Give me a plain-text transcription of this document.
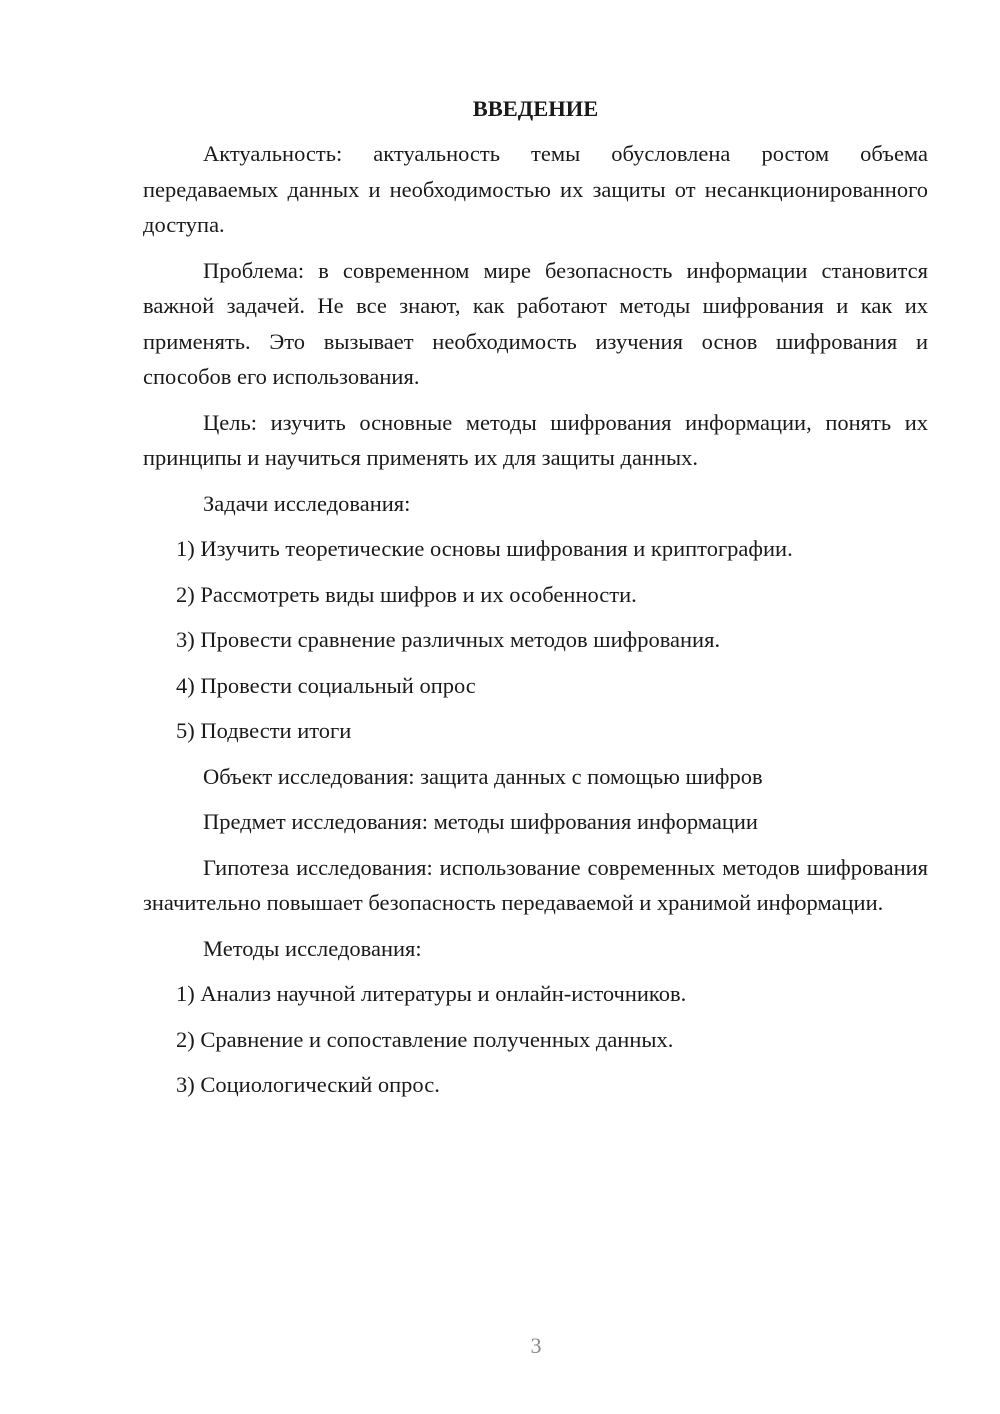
ВВЕДЕНИЕ

Актуальность: актуальность темы обусловлена ростом объема передаваемых данных и необходимостью их защиты от несанкционированного доступа.

Проблема: в современном мире безопасность информации становится важной задачей. Не все знают, как работают методы шифрования и как их применять. Это вызывает необходимость изучения основ шифрования и способов его использования.

Цель: изучить основные методы шифрования информации, понять их принципы и научиться применять их для защиты данных.

Задачи исследования:
1) Изучить теоретические основы шифрования и криптографии.
2) Рассмотреть виды шифров и их особенности.
3) Провести сравнение различных методов шифрования.
4) Провести социальный опрос
5) Подвести итоги
Объект исследования: защита данных с помощью шифров
Предмет исследования: методы шифрования информации

Гипотеза исследования: использование современных методов шифрования значительно повышает безопасность передаваемой и хранимой информации.

Методы исследования:
1) Анализ научной литературы и онлайн-источников.
2) Сравнение и сопоставление полученных данных.
3) Социологический опрос.
3
